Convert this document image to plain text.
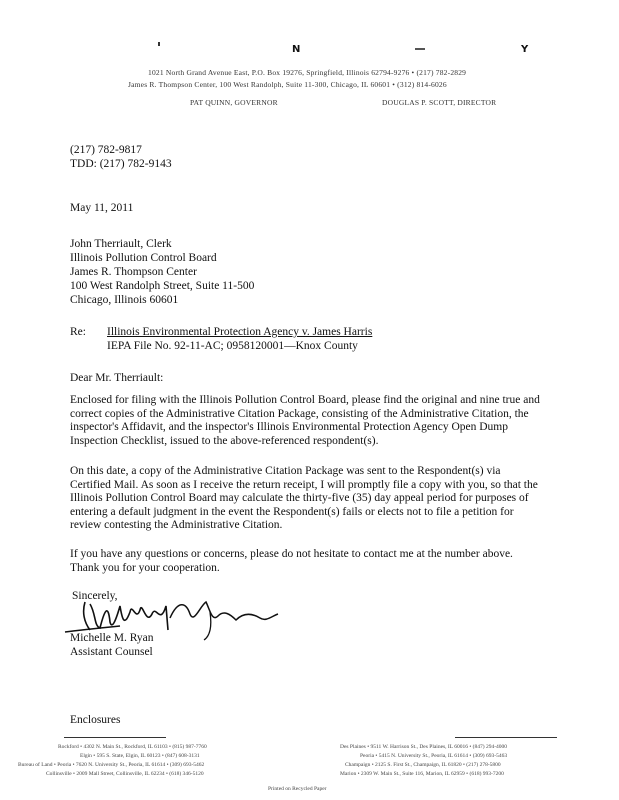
N	Y
1021 North Grand Avenue East, P.O. Box 19276, Springfield, Illinois 62794-9276 • (217) 782-2829
James R. Thompson Center, 100 West Randolph, Suite 11-300, Chicago, IL 60601 • (312) 814-6026
PAT QUINN, GOVERNOR	DOUGLAS P. SCOTT, DIRECTOR
(217) 782-9817
TDD: (217) 782-9143
May 11, 2011
John Therriault, Clerk
Illinois Pollution Control Board
James R. Thompson Center
100 West Randolph Street, Suite 11-500
Chicago, Illinois 60601
Re: Illinois Environmental Protection Agency v. James Harris
IEPA File No. 92-11-AC; 0958120001—Knox County
Dear Mr. Therriault:
Enclosed for filing with the Illinois Pollution Control Board, please find the original and nine true and correct copies of the Administrative Citation Package, consisting of the Administrative Citation, the inspector's Affidavit, and the inspector's Illinois Environmental Protection Agency Open Dump Inspection Checklist, issued to the above-referenced respondent(s).
On this date, a copy of the Administrative Citation Package was sent to the Respondent(s) via Certified Mail. As soon as I receive the return receipt, I will promptly file a copy with you, so that the Illinois Pollution Control Board may calculate the thirty-five (35) day appeal period for purposes of entering a default judgment in the event the Respondent(s) fails or elects not to file a petition for review contesting the Administrative Citation.
If you have any questions or concerns, please do not hesitate to contact me at the number above. Thank you for your cooperation.
Sincerely,
Michelle M. Ryan
Assistant Counsel
Enclosures
Rockford • 4302 N. Main St., Rockford, IL 61103 • (815) 987-7760
Elgin • 595 S. State, Elgin, IL 60123 • (847) 608-3131
Bureau of Land • Peoria • 7620 N. University St., Peoria, IL 61614 • (309) 693-5462
Collinsville • 2009 Mall Street, Collinsville, IL 62234 • (618) 346-5120
Des Plaines • 9511 W. Harrison St., Des Plaines, IL 60016 • (847) 294-4000
Peoria • 5415 N. University St., Peoria, IL 61614 • (309) 693-5463
Champaign • 2125 S. First St., Champaign, IL 61820 • (217) 278-5800
Marion • 2309 W. Main St., Suite 116, Marion, IL 62959 • (618) 993-7200
Printed on Recycled Paper
